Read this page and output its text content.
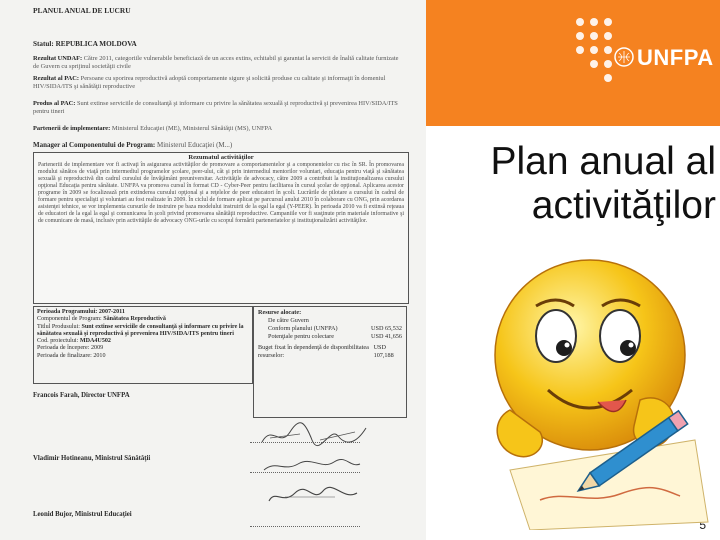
PLANUL ANUAL DE LUCRU
Statul: REPUBLICA MOLDOVA
Rezultat UNDAF: Către 2011, categoriile vulnerabile beneficiază de un acces extins, echitabil şi garantat la servicii de înaltă calitate furnizate de Guvern cu sprijinul societăţii civile
Rezultat al PAC: Persoane cu sporirea reproductivă adoptă comportamente sigure şi solicită produse cu calitate şi informaţii în domeniul HIV/SIDA/ITS şi sănătăţii reproductive
Produs al PAC: Sunt extinse serviciile de consultanţă şi informare cu privire la sănătatea sexuală şi reproductivă şi prevenirea HIV/SIDA/ITS pentru tineri
Partenerii de implementare: Ministerul Educaţiei (ME), Ministerul Sănătăţii (MS), UNFPA
Manager al Componentului de Program: Ministerul Educaţiei (M...)
Rezumatul activităţilor
Parteneriii de implementare vor fi activaţi în asigurarea activităţilor de promovare a comportamentelor şi a componentelor cu risc în SR. În promovarea modului sănătos de viaţă prin intermediul programelor şcolare, peer-ului, cât şi prin intermediul mentorilor voluntari, educaţia pentru viaţă şi sănătatea sexuală şi reproductivă din cadrul cursului de învăţământ preuniversitar. Activităţile de advocacy, către 2009 a contribuit la instituţionalizarea cursului opţional Educaţia pentru sănătate. UNFPA va promova cursul în format CD - Cyber-Peer pentru facilitarea în cursul şcolar de opţional. Aplicarea acestor programe în 2009 se focalizează prin extinderea cursului opţional şi a reţelelor de peer educatori în şcoli. Lucrările de pilotare a cursului în cadrul de formare pentru specialişti şi voluntari au fost realizate în 2009. În ciclul de formare aplicat pe parcursul anului 2010 în colaborare cu ONG, prin acordarea asistenţei tehnice, se vor implementa cursurile de instruire pe baza modelului instruirii de la egal la egal (Y-PEER). În perioada 2010 va fi extinsă reţeaua de educatori de la egal la egal şi comunicarea în şcoli privind promovarea sănătăţii reproductive. Campaniile vor fi susţinute prin materiale informative şi de comunicare de masă, inclusiv prin activităţile de advocacy ONG-urile cu scopul formării parteneriatelor şi instituţionalizării activităţilor.
Perioada Programului: 2007-2011
Componentul de Program: Sănătatea Reproductivă
Titlul Produsului: Sunt extinse serviciile de consultanţă şi informare cu privire la sănătatea sexuală şi reproductivă şi prevenirea HIV/SIDA/ITS pentru tineri
Cod. proiectului: MDA4U502
Perioada de începere: 2009
Perioada de finalizare: 2010
Resurse alocate:
De către Guvern
Conform planului (UNFPA)	USD 65,532
Potenţiale pentru colectare	USD 41,656
Buget fixat în dependenţă de disponibilitatea resurselor:
USD 107,188
Francois Farah, Director UNFPA
Vladimir Hotineanu, Ministrul Sănătăţii
Leonid Bujor, Ministrul Educaţiei
UNFPA
Plan anual al
activităţilor
5
